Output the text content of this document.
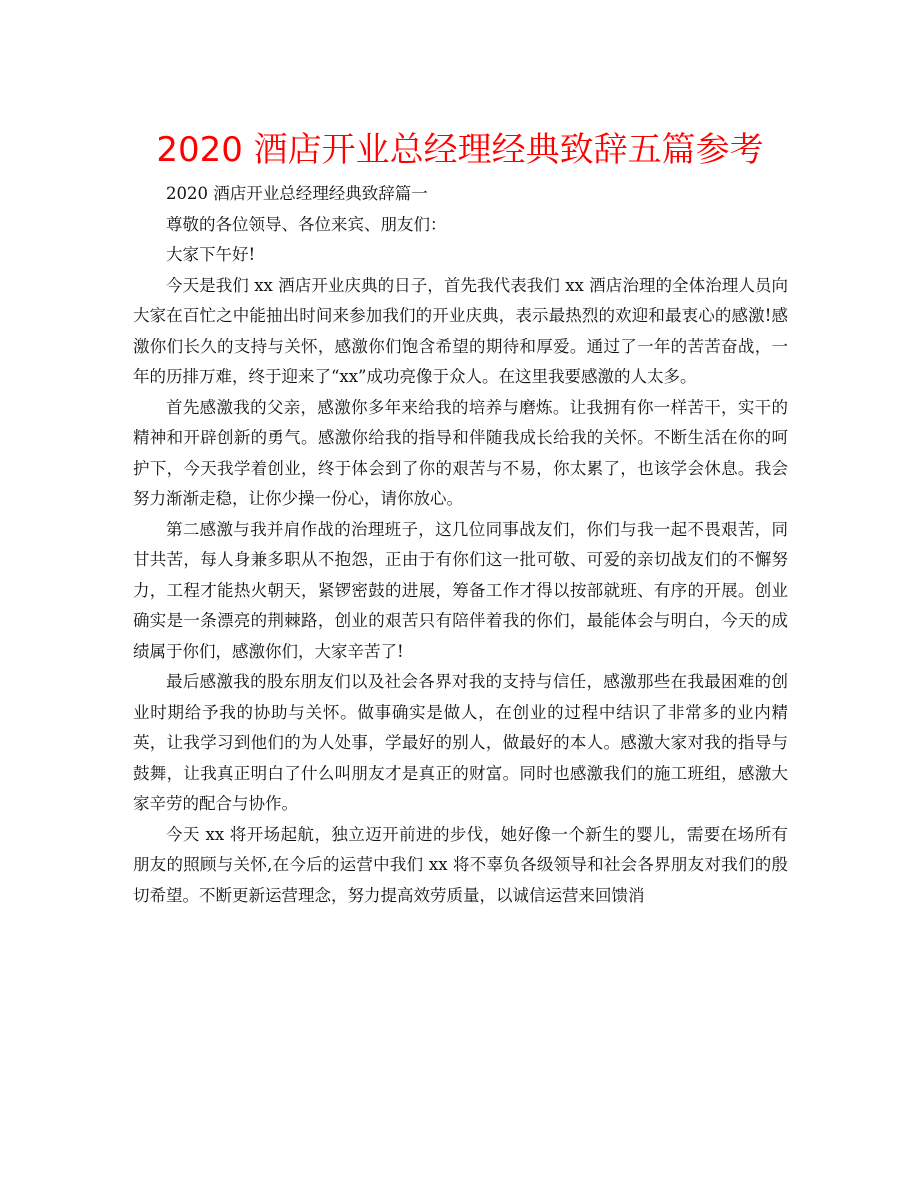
2020 酒店开业总经理经典致辞五篇参考

2020 酒店开业总经理经典致辞篇一

尊敬的各位领导、各位来宾、朋友们：

大家下午好!

今天是我们 xx 酒店开业庆典的日子，首先我代表我们 xx 酒店治理的全体治理人员向大家在百忙之中能抽出时间来参加我们的开业庆典，表示最热烈的欢迎和最衷心的感激!感激你们长久的支持与关怀，感激你们饱含希望的期待和厚爱。通过了一年的苦苦奋战，一年的历排万难，终于迎来了“xx”成功亮像于众人。在这里我要感激的人太多。

首先感激我的父亲，感激你多年来给我的培养与磨炼。让我拥有你一样苦干，实干的精神和开辟创新的勇气。感激你给我的指导和伴随我成长给我的关怀。不断生活在你的呵护下，今天我学着创业，终于体会到了你的艰苦与不易，你太累了，也该学会休息。我会努力渐渐走稳，让你少操一份心，请你放心。

第二感激与我并肩作战的治理班子，这几位同事战友们，你们与我一起不畏艰苦，同甘共苦，每人身兼多职从不抱怨，正由于有你们这一批可敬、可爱的亲切战友们的不懈努力，工程才能热火朝天，紧锣密鼓的进展，筹备工作才得以按部就班、有序的开展。创业确实是一条漂亮的荆棘路，创业的艰苦只有陪伴着我的你们，最能体会与明白，今天的成绩属于你们，感激你们，大家辛苦了!

最后感激我的股东朋友们以及社会各界对我的支持与信任，感激那些在我最困难的创业时期给予我的协助与关怀。做事确实是做人，在创业的过程中结识了非常多的业内精英，让我学习到他们的为人处事，学最好的别人，做最好的本人。感激大家对我的指导与鼓舞，让我真正明白了什么叫朋友才是真正的财富。同时也感激我们的施工班组，感激大家辛劳的配合与协作。

今天 xx 将开场起航，独立迈开前进的步伐，她好像一个新生的婴儿，需要在场所有朋友的照顾与关怀,在今后的运营中我们 xx 将不辜负各级领导和社会各界朋友对我们的殷切希望。不断更新运营理念，努力提高效劳质量，以诚信运营来回馈消
